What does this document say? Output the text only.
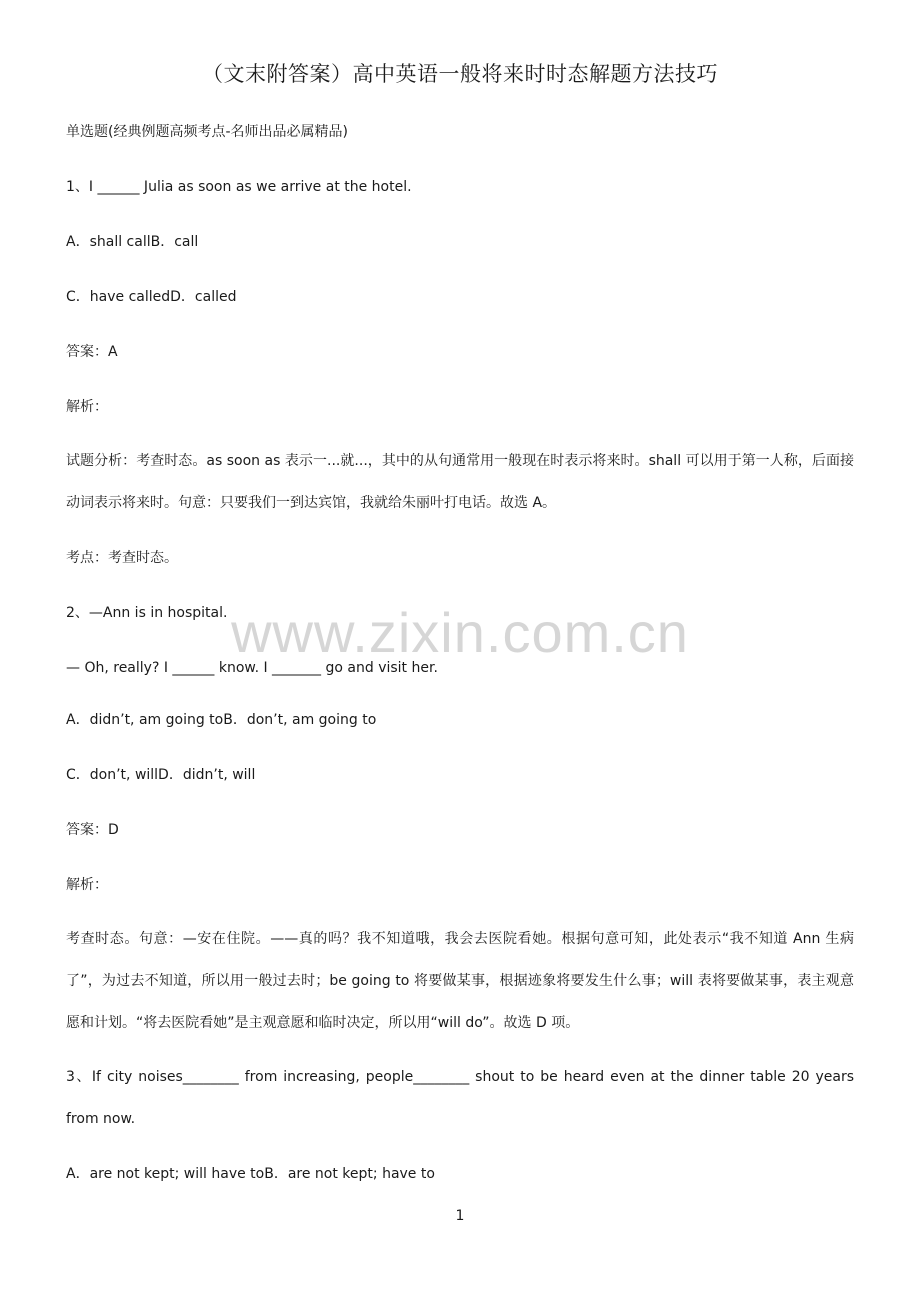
（文末附答案）高中英语一般将来时时态解题方法技巧

单选题(经典例题高频考点-名师出品必属精品)

1、I ______ Julia as soon as we arrive at the hotel.

A．shall callB．call

C．have calledD．called

答案：A

解析：

试题分析：考查时态。as soon as 表示一...就...，其中的从句通常用一般现在时表示将来时。shall 可以用于第一人称，后面接动词表示将来时。句意：只要我们一到达宾馆，我就给朱丽叶打电话。故选 A。

考点：考查时态。

2、—Ann is in hospital.

— Oh, really? I ______ know. I _______ go and visit her.

A．didn’t, am going toB．don’t, am going to

C．don’t, willD．didn’t, will

答案：D

解析：

考查时态。句意：—安在住院。——真的吗？我不知道哦，我会去医院看她。根据句意可知，此处表示“我不知道 Ann 生病了”，为过去不知道，所以用一般过去时；be going to 将要做某事，根据迹象将要发生什么事；will 表将要做某事，表主观意愿和计划。“将去医院看她”是主观意愿和临时决定，所以用“will do”。故选 D 项。

3、If city noises________ from increasing, people________ shout to be heard even at the dinner table 20 years from now.

A．are not kept; will have toB．are not kept; have to

www.zixin.com.cn
1
